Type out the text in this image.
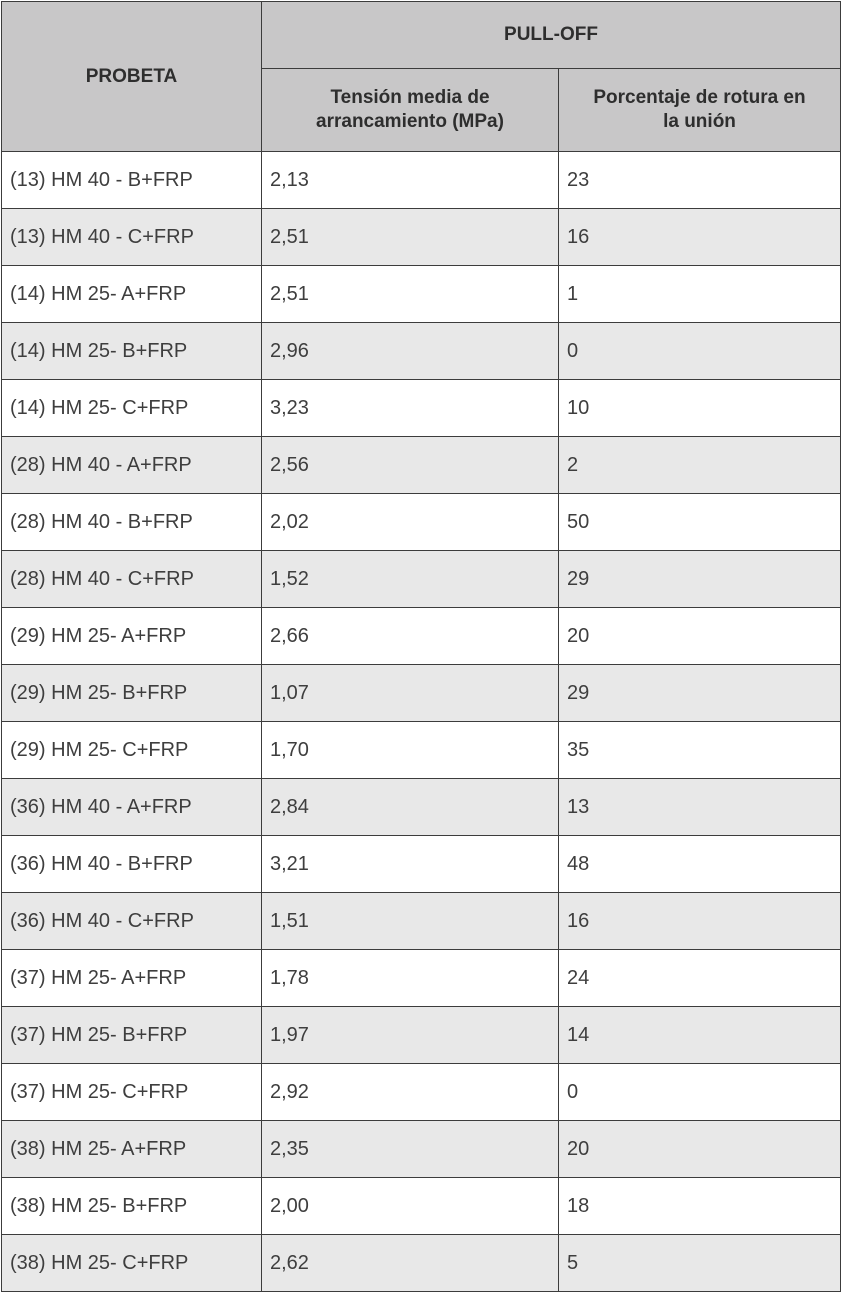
PROBETA	PULL-OFF	
	Tensión media de arrancamiento (MPa)	Porcentaje de rotura en la unión
(13) HM 40 - B+FRP	2,13	23
(13) HM 40 - C+FRP	2,51	16
(14) HM 25- A+FRP	2,51	1
(14) HM 25- B+FRP	2,96	0
(14) HM 25- C+FRP	3,23	10
(28) HM 40 - A+FRP	2,56	2
(28) HM 40 - B+FRP	2,02	50
(28) HM 40 - C+FRP	1,52	29
(29) HM 25- A+FRP	2,66	20
(29) HM 25- B+FRP	1,07	29
(29) HM 25- C+FRP	1,70	35
(36) HM 40 - A+FRP	2,84	13
(36) HM 40 - B+FRP	3,21	48
(36) HM 40 - C+FRP	1,51	16
(37) HM 25- A+FRP	1,78	24
(37) HM 25- B+FRP	1,97	14
(37) HM 25- C+FRP	2,92	0
(38) HM 25- A+FRP	2,35	20
(38) HM 25- B+FRP	2,00	18
(38) HM 25- C+FRP	2,62	5
